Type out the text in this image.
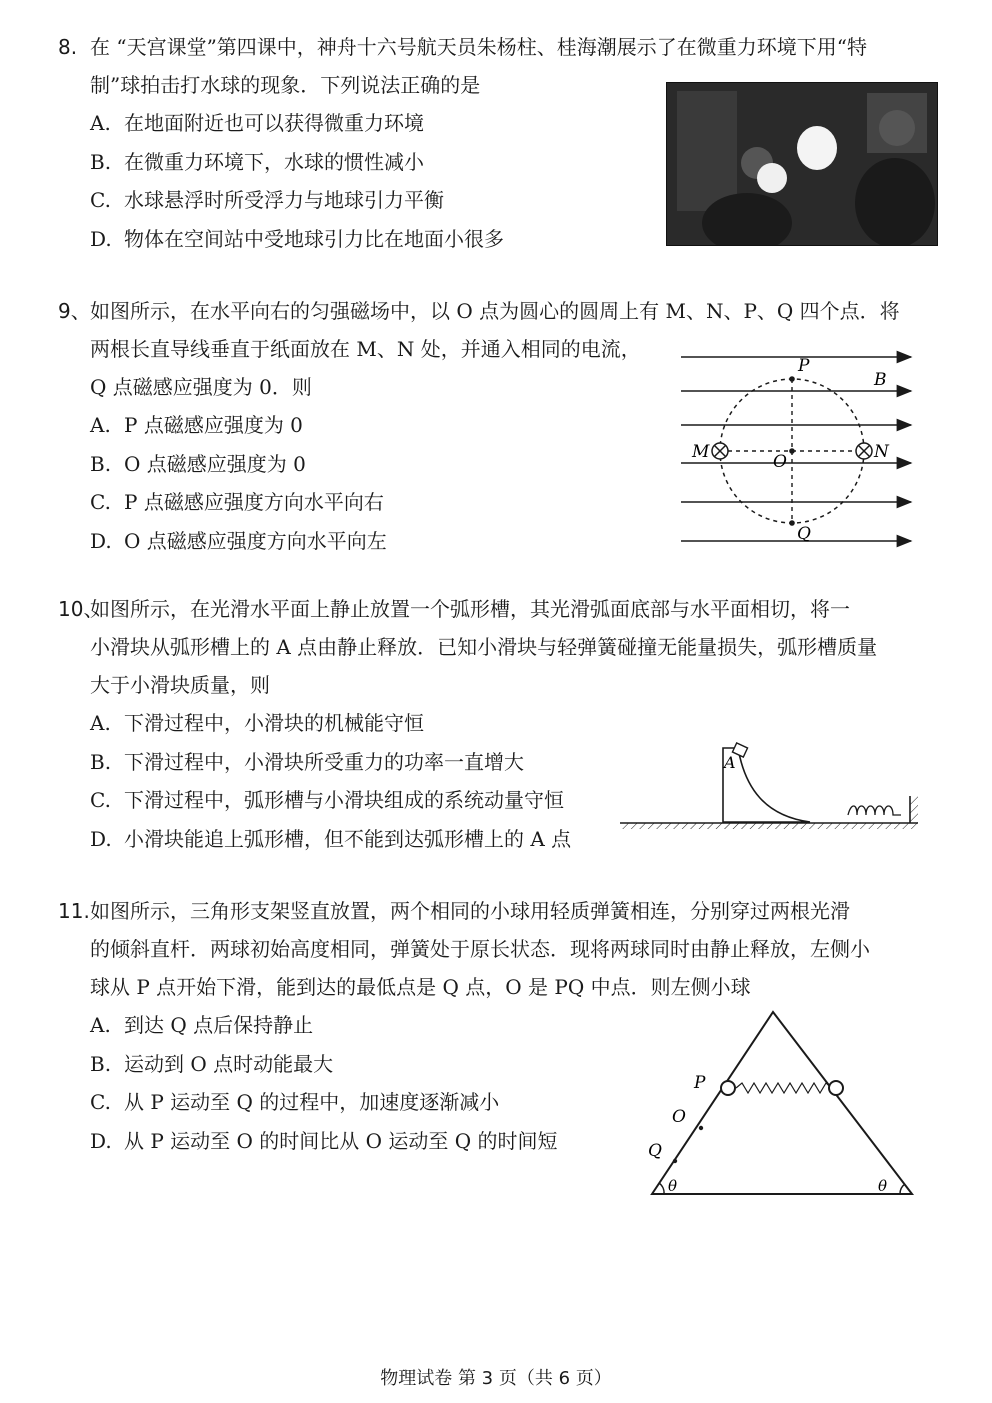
8. 在 “天宫课堂”第四课中，神舟十六号航天员朱杨柱、桂海潮展示了在微重力环境下用“特
制”球拍击打水球的现象．下列说法正确的是
A. 在地面附近也可以获得微重力环境
B. 在微重力环境下，水球的惯性减小
C. 水球悬浮时所受浮力与地球引力平衡
D. 物体在空间站中受地球引力比在地面小很多
9、如图所示，在水平向右的匀强磁场中，以 O 点为圆心的圆周上有 M、N、P、Q 四个点．将
两根长直导线垂直于纸面放在 M、N 处，并通入相同的电流，
Q 点磁感应强度为 0．则
A. P 点磁感应强度为 0
B. O 点磁感应强度为 0
C. P 点磁感应强度方向水平向右
D. O 点磁感应强度方向水平向左
P
B
M	O	N
Q
10、如图所示，在光滑水平面上静止放置一个弧形槽，其光滑弧面底部与水平面相切，将一
小滑块从弧形槽上的 A 点由静止释放．已知小滑块与轻弹簧碰撞无能量损失，弧形槽质量
大于小滑块质量，则
A. 下滑过程中，小滑块的机械能守恒
B. 下滑过程中，小滑块所受重力的功率一直增大
C. 下滑过程中，弧形槽与小滑块组成的系统动量守恒
D. 小滑块能追上弧形槽，但不能到达弧形槽上的 A 点
A
11.如图所示，三角形支架竖直放置，两个相同的小球用轻质弹簧相连，分别穿过两根光滑
的倾斜直杆．两球初始高度相同，弹簧处于原长状态．现将两球同时由静止释放，左侧小
球从 P 点开始下滑，能到达的最低点是 Q 点，O 是 PQ 中点．则左侧小球
A. 到达 Q 点后保持静止
B. 运动到 O 点时动能最大
C. 从 P 运动至 Q 的过程中，加速度逐渐减小
D. 从 P 运动至 O 的时间比从 O 运动至 Q 的时间短
P
O
Q
θ	θ
物理试卷 第 3 页（共 6 页）
